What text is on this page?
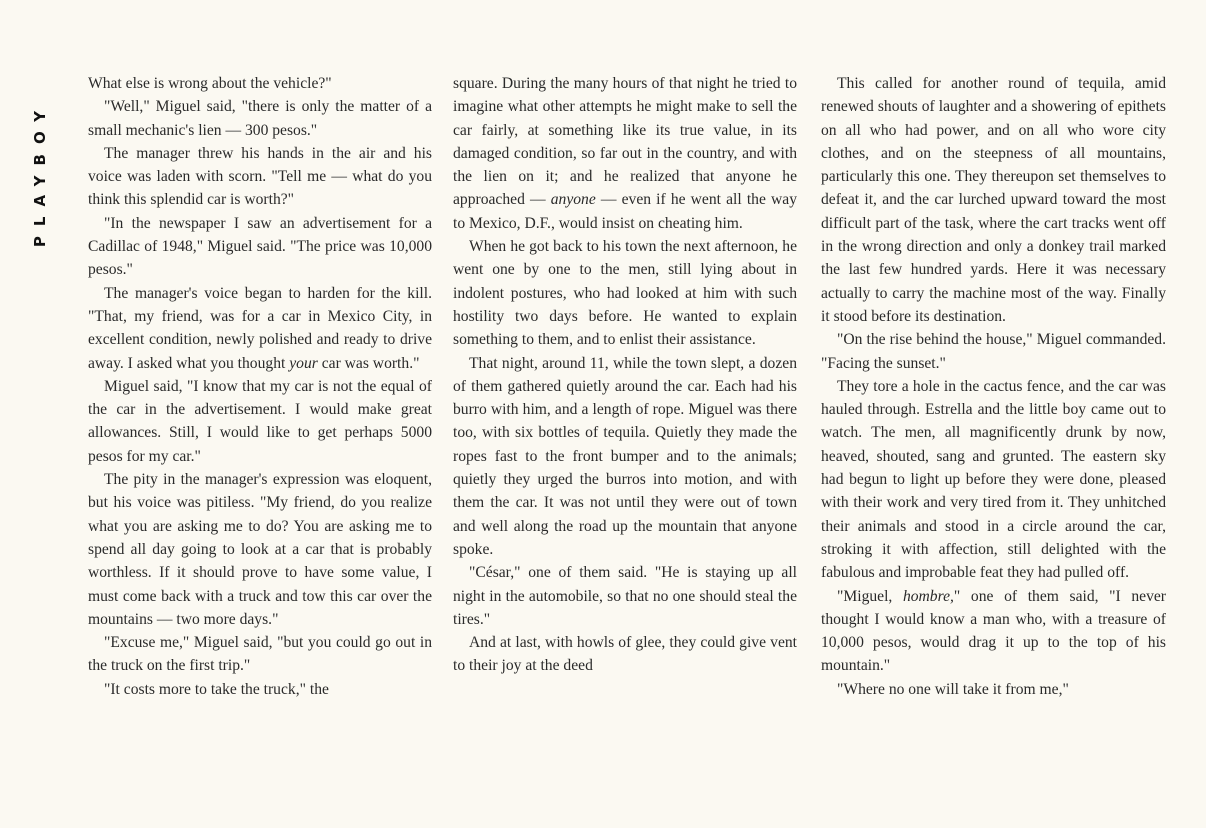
PLAYBOY

What else is wrong about the vehicle?"

"Well," Miguel said, "there is only the matter of a small mechanic's lien — 300 pesos."

The manager threw his hands in the air and his voice was laden with scorn. "Tell me — what do you think this splendid car is worth?"

"In the newspaper I saw an advertisement for a Cadillac of 1948," Miguel said. "The price was 10,000 pesos."

The manager's voice began to harden for the kill. "That, my friend, was for a car in Mexico City, in excellent condition, newly polished and ready to drive away. I asked what you thought your car was worth."

Miguel said, "I know that my car is not the equal of the car in the advertisement. I would make great allowances. Still, I would like to get perhaps 5000 pesos for my car."

The pity in the manager's expression was eloquent, but his voice was pitiless. "My friend, do you realize what you are asking me to do? You are asking me to spend all day going to look at a car that is probably worthless. If it should prove to have some value, I must come back with a truck and tow this car over the mountains — two more days."

"Excuse me," Miguel said, "but you could go out in the truck on the first trip."

"It costs more to take the truck," the

square. During the many hours of that night he tried to imagine what other attempts he might make to sell the car fairly, at something like its true value, in its damaged condition, so far out in the country, and with the lien on it; and he realized that anyone he approached — anyone — even if he went all the way to Mexico, D.F., would insist on cheating him.

When he got back to his town the next afternoon, he went one by one to the men, still lying about in indolent postures, who had looked at him with such hostility two days before. He wanted to explain something to them, and to enlist their assistance.

That night, around 11, while the town slept, a dozen of them gathered quietly around the car. Each had his burro with him, and a length of rope. Miguel was there too, with six bottles of tequila. Quietly they made the ropes fast to the front bumper and to the animals; quietly they urged the burros into motion, and with them the car. It was not until they were out of town and well along the road up the mountain that anyone spoke.

"César," one of them said. "He is staying up all night in the automobile, so that no one should steal the tires."

And at last, with howls of glee, they could give vent to their joy at the deed

This called for another round of tequila, amid renewed shouts of laughter and a showering of epithets on all who had power, and on all who wore city clothes, and on the steepness of all mountains, particularly this one. They thereupon set themselves to defeat it, and the car lurched upward toward the most difficult part of the task, where the cart tracks went off in the wrong direction and only a donkey trail marked the last few hundred yards. Here it was necessary actually to carry the machine most of the way. Finally it stood before its destination.

"On the rise behind the house," Miguel commanded. "Facing the sunset."

They tore a hole in the cactus fence, and the car was hauled through. Estrella and the little boy came out to watch. The men, all magnificently drunk by now, heaved, shouted, sang and grunted. The eastern sky had begun to light up before they were done, pleased with their work and very tired from it. They unhitched their animals and stood in a circle around the car, stroking it with affection, still delighted with the fabulous and improbable feat they had pulled off.

"Miguel, hombre," one of them said, "I never thought I would know a man who, with a treasure of 10,000 pesos, would drag it up to the top of his mountain."

"Where no one will take it from me,"
